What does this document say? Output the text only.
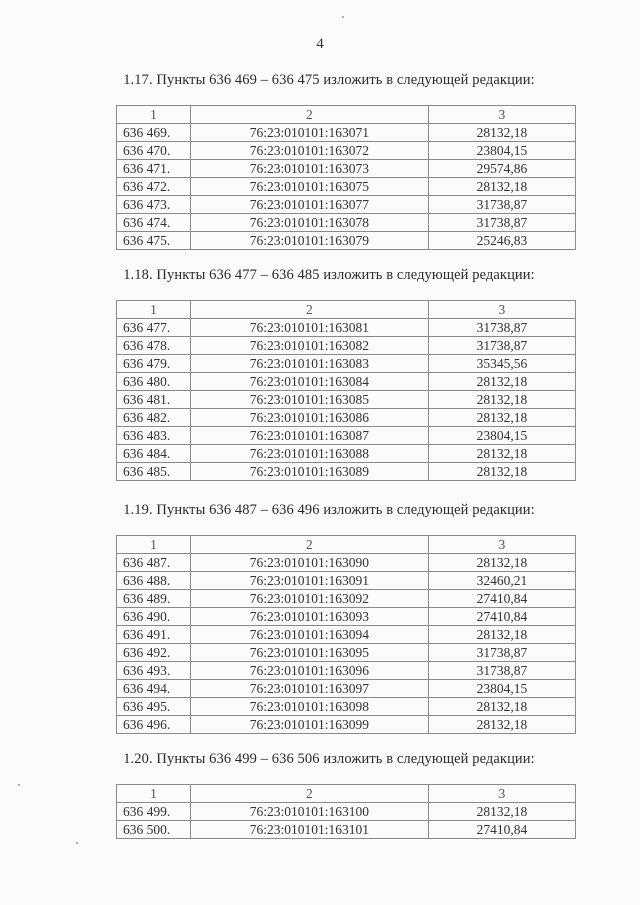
4

1.17. Пункты 636 469 – 636 475 изложить в следующей редакции:

1	2	3
636 469.	76:23:010101:163071	28132,18
636 470.	76:23:010101:163072	23804,15
636 471.	76:23:010101:163073	29574,86
636 472.	76:23:010101:163075	28132,18
636 473.	76:23:010101:163077	31738,87
636 474.	76:23:010101:163078	31738,87
636 475.	76:23:010101:163079	25246,83

1.18. Пункты 636 477 – 636 485 изложить в следующей редакции:

1	2	3
636 477.	76:23:010101:163081	31738,87
636 478.	76:23:010101:163082	31738,87
636 479.	76:23:010101:163083	35345,56
636 480.	76:23:010101:163084	28132,18
636 481.	76:23:010101:163085	28132,18
636 482.	76:23:010101:163086	28132,18
636 483.	76:23:010101:163087	23804,15
636 484.	76:23:010101:163088	28132,18
636 485.	76:23:010101:163089	28132,18

1.19. Пункты 636 487 – 636 496 изложить в следующей редакции:

1	2	3
636 487.	76:23:010101:163090	28132,18
636 488.	76:23:010101:163091	32460,21
636 489.	76:23:010101:163092	27410,84
636 490.	76:23:010101:163093	27410,84
636 491.	76:23:010101:163094	28132,18
636 492.	76:23:010101:163095	31738,87
636 493.	76:23:010101:163096	31738,87
636 494.	76:23:010101:163097	23804,15
636 495.	76:23:010101:163098	28132,18
636 496.	76:23:010101:163099	28132,18

1.20. Пункты 636 499 – 636 506 изложить в следующей редакции:

1	2	3
636 499.	76:23:010101:163100	28132,18
636 500.	76:23:010101:163101	27410,84
